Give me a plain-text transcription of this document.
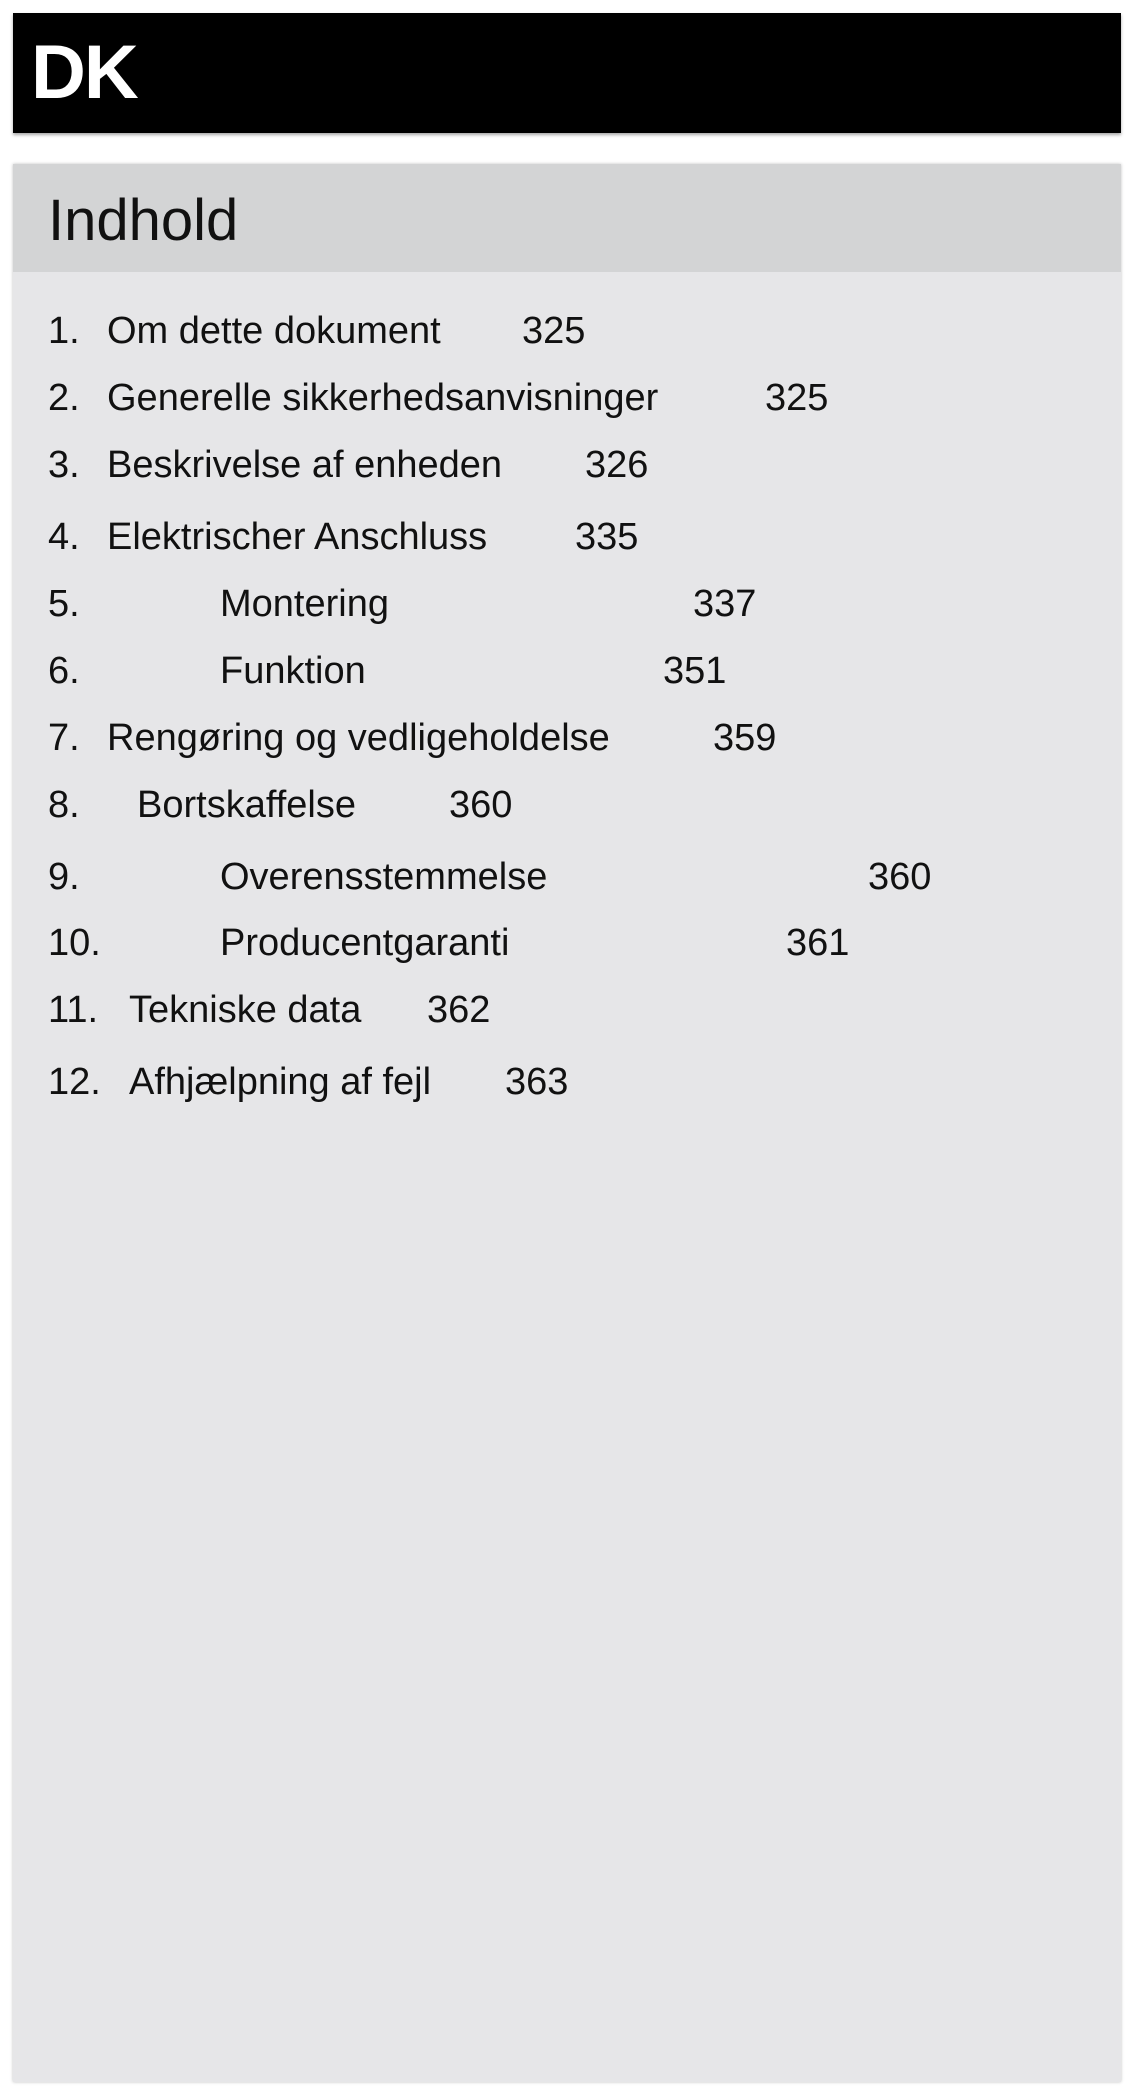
DK
Indhold
1. Om dette dokument 325
2. Generelle sikkerhedsanvisninger	325
3. Beskrivelse af enheden 326
4. Elektrischer Anschluss 335
5.	Montering	337
6.	Funktion	351
7. Rengøring og vedligeholdelse	359
8. Bortskaffelse 360
9.	Overensstemmelse	360
10.	Producentgaranti	361
11. Tekniske data 362
12. Afhjælpning af fejl 363
